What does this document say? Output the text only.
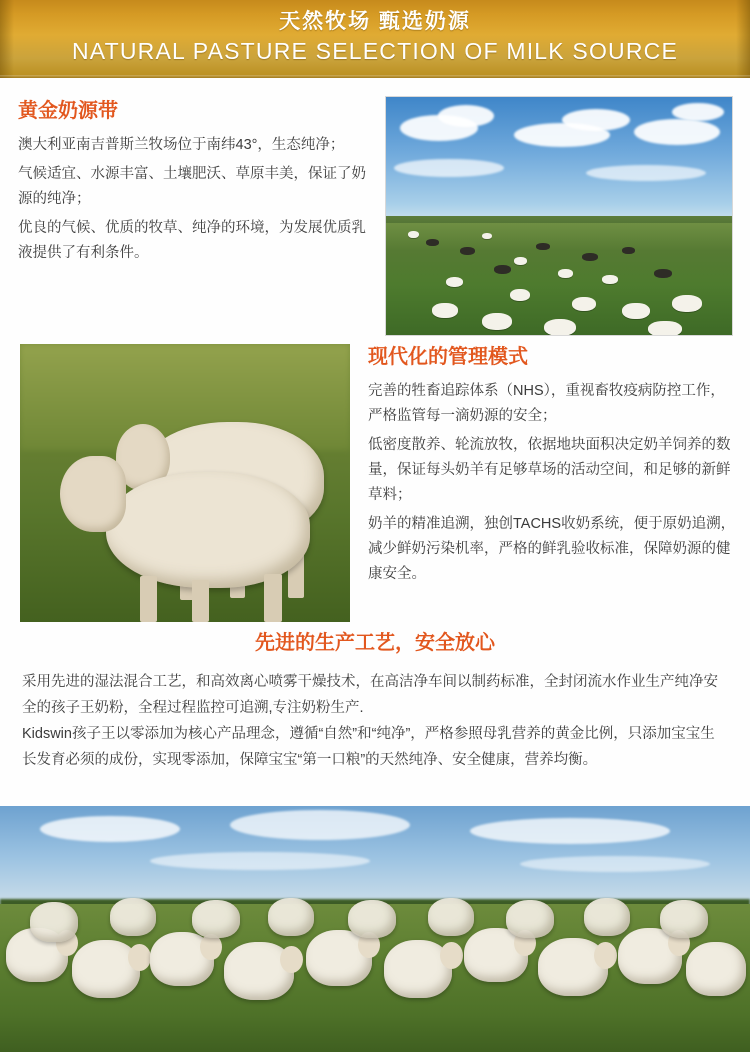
天然牧场 甄选奶源
NATURAL PASTURE SELECTION OF MILK SOURCE
黄金奶源带

澳大利亚南吉普斯兰牧场位于南纬43°，生态纯净；

气候适宜、水源丰富、土壤肥沃、草原丰美，保证了奶源的纯净；

优良的气候、优质的牧草、纯净的环境，为发展优质乳液提供了有利条件。

现代化的管理模式

完善的牲畜追踪体系（NHS），重视畜牧疫病防控工作，严格监管每一滴奶源的安全；

低密度散养、轮流放牧，依据地块面积决定奶羊饲养的数量，保证每头奶羊有足够草场的活动空间，和足够的新鲜草料；

奶羊的精准追溯，独创TACHS收奶系统，便于原奶追溯，减少鲜奶污染机率，严格的鲜乳验收标准，保障奶源的健康安全。

先进的生产工艺，安全放心

采用先进的湿法混合工艺，和高效离心喷雾干燥技术，在高洁净车间以制药标准，全封闭流水作业生产纯净安全的孩子王奶粉，全程过程监控可追溯,专注奶粉生产.

Kidswin孩子王以零添加为核心产品理念，遵循“自然”和“纯净”，严格参照母乳营养的黄金比例，只添加宝宝生长发育必须的成份，实现零添加，保障宝宝“第一口粮”的天然纯净、安全健康，营养均衡。
